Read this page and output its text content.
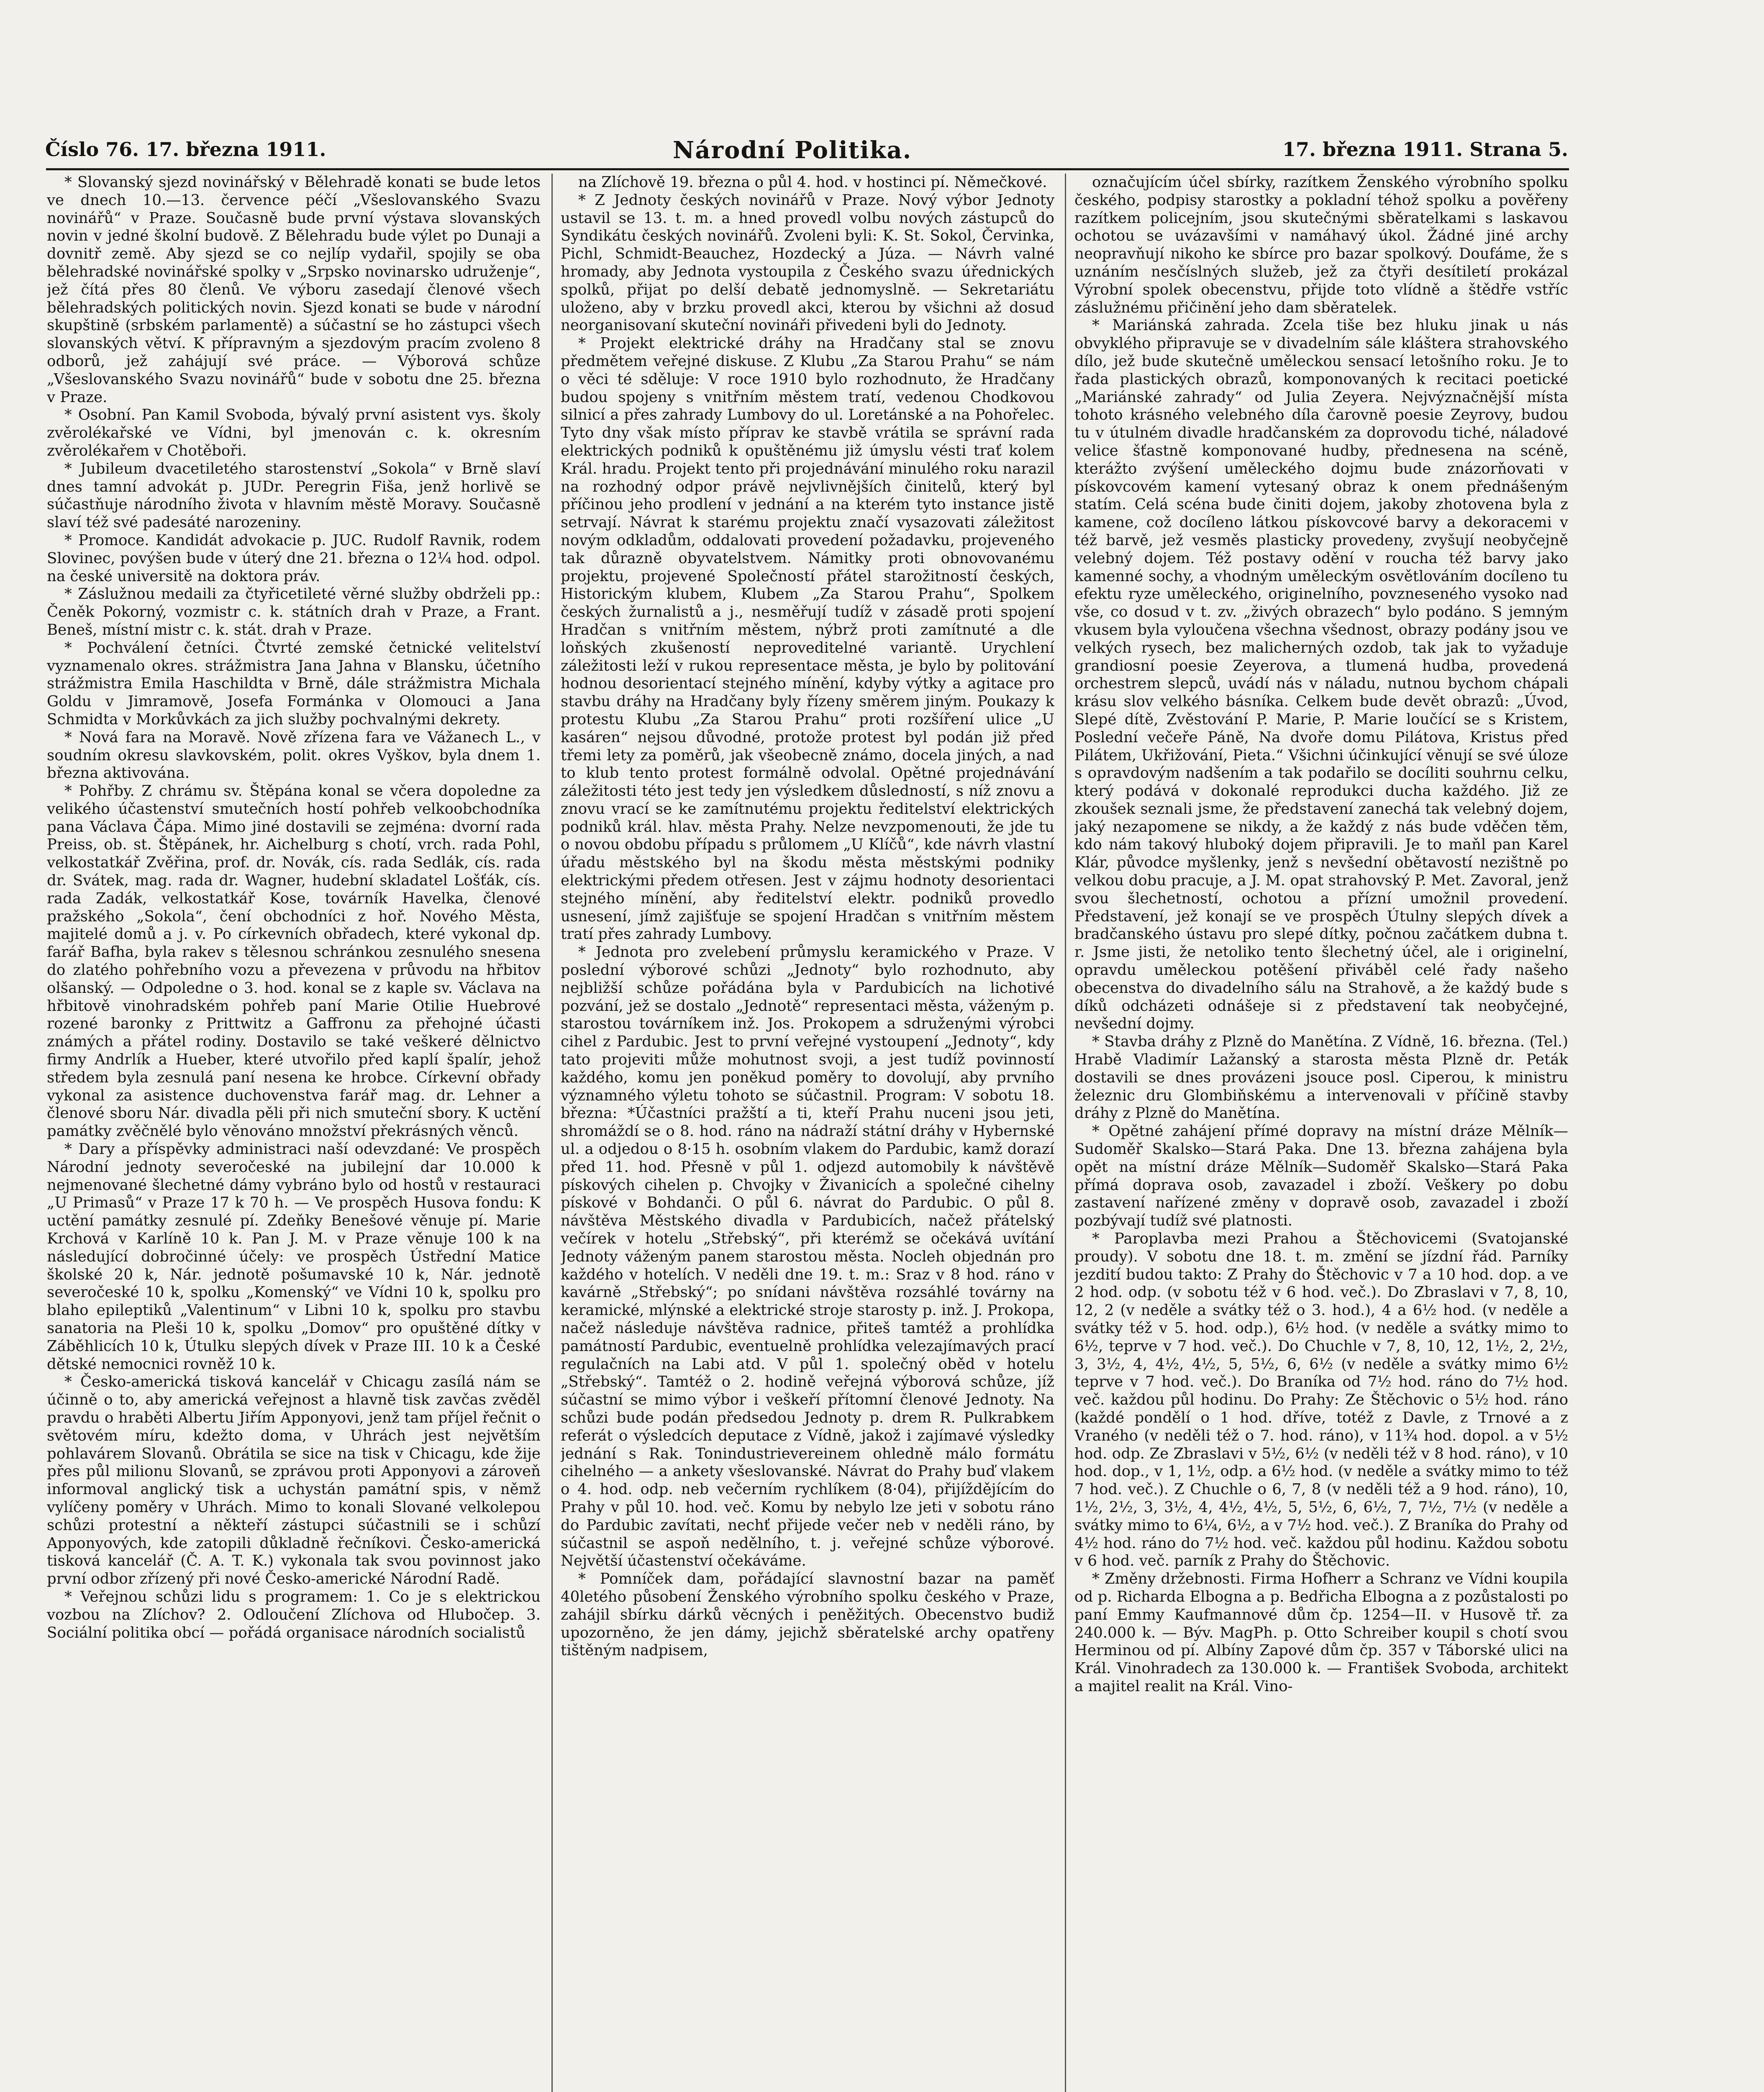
Číslo 76. 17. března 1911.	Národní Politika.	17. března 1911. Strana 5.

* Slovanský sjezd novinářský v Bělehradě konati se bude letos ve dnech 10.—13. července péčí „Všeslovanského Svazu novinářů“ v Praze. Současně bude první výstava slovanských novin v jedné školní budově. Z Bělehradu bude výlet po Dunaji a dovnitř země. Aby sjezd se co nejlíp vydařil, spojily se oba bělehradské novinářské spolky v „Srpsko novinarsko udruženje“, jež čítá přes 80 členů. Ve výboru zasedají členové všech bělehradských politických novin. Sjezd konati se bude v národní skupštině (srbském parlamentě) a súčastní se ho zástupci všech slovanských větví. K přípravným a sjezdovým pracím zvoleno 8 odborů, jež zahájují své práce. — Výborová schůze „Všeslovanského Svazu novinářů“ bude v sobotu dne 25. března v Praze.

* Osobní. Pan Kamil Svoboda, bývalý první asistent vys. školy zvěrolékařské ve Vídni, byl jmenován c. k. okresním zvěrolékařem v Chotěboři.

* Jubileum dvacetiletého starostenství „Sokola“ v Brně slaví dnes tamní advokát p. JUDr. Peregrin Fiša, jenž horlivě se súčastňuje národního života v hlavním městě Moravy. Současně slaví též své padesáté narozeniny.

* Promoce. Kandidát advokacie p. JUC. Rudolf Ravnik, rodem Slovinec, povýšen bude v úterý dne 21. března o 12¼ hod. odpol. na české universitě na doktora práv.

* Záslužnou medaili za čtyřicetileté věrné služby obdrželi pp.: Čeněk Pokorný, vozmistr c. k. státních drah v Praze, a Frant. Beneš, místní mistr c. k. stát. drah v Praze.

* Pochválení četníci. Čtvrté zemské četnické velitelství vyznamenalo okres. strážmistra Jana Jahna v Blansku, účetního strážmistra Emila Haschildta v Brně, dále strážmistra Michala Goldu v Jimramově, Josefa Formánka v Olomouci a Jana Schmidta v Morkůvkách za jich služby pochvalnými dekrety.

* Nová fara na Moravě. Nově zřízena fara ve Vážanech L., v soudním okresu slavkovském, polit. okres Vyškov, byla dnem 1. března aktivována.

* Pohřby. Z chrámu sv. Štěpána konal se včera dopoledne za velikého účastenství smutečních hostí pohřeb velkoobchodníka pana Václava Čápa. Mimo jiné dostavili se zejména: dvorní rada Preiss, ob. st. Štěpánek, hr. Aichelburg s chotí, vrch. rada Pohl, velkostatkář Zvěřina, prof. dr. Novák, cís. rada Sedlák, cís. rada dr. Svátek, mag. rada dr. Wagner, hudební skladatel Lošťák, cís. rada Zadák, velkostatkář Kose, továrník Havelka, členové pražského „Sokola“, čení obchodníci z hoř. Nového Města, majitelé domů a j. v. Po církevních obřadech, které vykonal dp. farář Bafha, byla rakev s tělesnou schránkou zesnulého snesena do zlatého pohřebního vozu a převezena v průvodu na hřbitov olšanský. — Odpoledne o 3. hod. konal se z kaple sv. Václava na hřbitově vinohradském pohřeb paní Marie Otilie Huebrové rozené baronky z Prittwitz a Gaffronu za přehojné účasti známých a přátel rodiny. Dostavilo se také veškeré dělnictvo firmy Andrlík a Hueber, které utvořilo před kaplí špalír, jehož středem byla zesnulá paní nesena ke hrobce. Církevní obřady vykonal za asistence duchovenstva farář mag. dr. Lehner a členové sboru Nár. divadla pěli při nich smuteční sbory. K uctění památky zvěčnělé bylo věnováno množství překrásných věnců.

* Dary a příspěvky administraci naší odevzdané: Ve prospěch Národní jednoty severočeské na jubilejní dar 10.000 k nejmenované šlechetné dámy vybráno bylo od hostů v restauraci „U Primasů“ v Praze 17 k 70 h. — Ve prospěch Husova fondu: K uctění památky zesnulé pí. Zdeňky Benešové věnuje pí. Marie Krchová v Karlíně 10 k. Pan J. M. v Praze věnuje 100 k na následující dobročinné účely: ve prospěch Ústřední Matice školské 20 k, Nár. jednotě pošumavské 10 k, Nár. jednotě severočeské 10 k, spolku „Komenský“ ve Vídni 10 k, spolku pro blaho epileptiků „Valentinum“ v Libni 10 k, spolku pro stavbu sanatoria na Pleši 10 k, spolku „Domov“ pro opuštěné dítky v Záběhlicích 10 k, Útulku slepých dívek v Praze III. 10 k a České dětské nemocnici rovněž 10 k.

* Česko-americká tisková kancelář v Chicagu zasílá nám se účinně o to, aby americká veřejnost a hlavně tisk zavčas zvěděl pravdu o hraběti Albertu Jiřím Apponyovi, jenž tam příjel řečnit o světovém míru, kdežto doma, v Uhrách jest největším pohlavárem Slovanů. Obrátila se sice na tisk v Chicagu, kde žije přes půl milionu Slovanů, se zprávou proti Apponyovi a zároveň informoval anglický tisk a uchystán památní spis, v němž vylíčeny poměry v Uhrách. Mimo to konali Slované velkolepou schůzi protestní a někteří zástupci súčastnili se i schůzí Apponyových, kde zatopili důkladně řečníkovi. Česko-americká tisková kancelář (Č. A. T. K.) vykonala tak svou povinnost jako první odbor zřízený při nové Česko-americké Národní Radě.

* Veřejnou schůzi lidu s programem: 1. Co je s elektrickou vozbou na Zlíchov? 2. Odloučení Zlíchova od Hlubočep. 3. Sociální politika obcí — pořádá organisace národních socialistů

na Zlíchově 19. března o půl 4. hod. v hostinci pí. Němečkové.

* Z Jednoty českých novinářů v Praze. Nový výbor Jednoty ustavil se 13. t. m. a hned provedl volbu nových zástupců do Syndikátu českých novinářů. Zvoleni byli: K. St. Sokol, Červinka, Pichl, Schmidt-Beauchez, Hozdecký a Júza. — Návrh valné hromady, aby Jednota vystoupila z Českého svazu úřednických spolků, přijat po delší debatě jednomyslně. — Sekretariátu uloženo, aby v brzku provedl akci, kterou by všichni až dosud neorganisovaní skuteční novináři přivedeni byli do Jednoty.

* Projekt elektrické dráhy na Hradčany stal se znovu předmětem veřejné diskuse. Z Klubu „Za Starou Prahu“ se nám o věci té sděluje: V roce 1910 bylo rozhodnuto, že Hradčany budou spojeny s vnitřním městem tratí, vedenou Chodkovou silnicí a přes zahrady Lumbovy do ul. Loretánské a na Pohořelec. Tyto dny však místo příprav ke stavbě vrátila se správní rada elektrických podniků k opuštěnému již úmyslu vésti trať kolem Král. hradu. Projekt tento při projednávání minulého roku narazil na rozhodný odpor právě nejvlivnějších činitelů, který byl příčinou jeho prodlení v jednání a na kterém tyto instance jistě setrvají. Návrat k starému projektu značí vysazovati záležitost novým odkladům, oddalovati provedení požadavku, projeveného tak důrazně obyvatelstvem. Námitky proti obnovovanému projektu, projevené Společností přátel starožitností českých, Historickým klubem, Klubem „Za Starou Prahu“, Spolkem českých žurnalistů a j., nesměřují tudíž v zásadě proti spojení Hradčan s vnitřním městem, nýbrž proti zamítnuté a dle loňských zkušeností neproveditelné variantě. Urychlení záležitosti leží v rukou representace města, je bylo by politování hodnou desorientací stejného mínění, kdyby výtky a agitace pro stavbu dráhy na Hradčany byly řízeny směrem jiným. Poukazy k protestu Klubu „Za Starou Prahu“ proti rozšíření ulice „U kasáren“ nejsou důvodné, protože protest byl podán již před třemi lety za poměrů, jak všeobecně známo, docela jiných, a nad to klub tento protest formálně odvolal. Opětné projednávání záležitosti této jest tedy jen výsledkem důsledností, s níž znovu a znovu vrací se ke zamítnutému projektu ředitelství elektrických podniků král. hlav. města Prahy. Nelze nevzpomenouti, že jde tu o novou obdobu případu s průlomem „U Klíčů“, kde návrh vlastní úřadu městského byl na škodu města městskými podniky elektrickými předem otřesen. Jest v zájmu hodnoty desorientaci stejného mínění, aby ředitelství elektr. podniků provedlo usnesení, jímž zajišťuje se spojení Hradčan s vnitřním městem tratí přes zahrady Lumbovy.

* Jednota pro zvelebení průmyslu keramického v Praze. V poslední výborové schůzi „Jednoty“ bylo rozhodnuto, aby nejbližší schůze pořádána byla v Pardubicích na lichotivé pozvání, jež se dostalo „Jednotě“ representaci města, váženým p. starostou továrníkem inž. Jos. Prokopem a sdruženými výrobci cihel z Pardubic. Jest to první veřejné vystoupení „Jednoty“, kdy tato projeviti může mohutnost svoji, a jest tudíž povinností každého, komu jen poněkud poměry to dovolují, aby prvního významného výletu tohoto se súčastnil. Program: V sobotu 18. března: *Účastníci pražští a ti, kteří Prahu nuceni jsou jeti, shromáždí se o 8. hod. ráno na nádraží státní dráhy v Hybernské ul. a odjedou o 8·15 h. osobním vlakem do Pardubic, kamž dorazí před 11. hod. Přesně v půl 1. odjezd automobily k návštěvě pískových cihelen p. Chvojky v Živanicích a společné cihelny pískové v Bohdanči. O půl 6. návrat do Pardubic. O půl 8. návštěva Městského divadla v Pardubicích, načež přátelský večírek v hotelu „Střebský“, při kterémž se očekává uvítání Jednoty váženým panem starostou města. Nocleh objednán pro každého v hotelích. V neděli dne 19. t. m.: Sraz v 8 hod. ráno v kavárně „Střebský“; po snídani návštěva rozsáhlé továrny na keramické, mlýnské a elektrické stroje starosty p. inž. J. Prokopa, načež následuje návštěva radnice, přiteš tamtéž a prohlídka památností Pardubic, eventuelně prohlídka velezajímavých prací regulačních na Labi atd. V půl 1. společný oběd v hotelu „Střebský“. Tamtéž o 2. hodině veřejná výborová schůze, jíž súčastní se mimo výbor i veškeří přítomní členové Jednoty. Na schůzi bude podán předsedou Jednoty p. drem R. Pulkrabkem referát o výsledcích deputace z Vídně, jakož i zajímavé výsledky jednání s Rak. Tonindustrievereinem ohledně málo formátu cihelného — a ankety všeslovanské. Návrat do Prahy buď vlakem o 4. hod. odp. neb večerním rychlíkem (8·04), přijíždějícím do Prahy v půl 10. hod. več. Komu by nebylo lze jeti v sobotu ráno do Pardubic zavítati, nechť přijede večer neb v neděli ráno, by súčastnil se aspoň nedělního, t. j. veřejné schůze výborové. Největší účastenství očekáváme.

* Pomníček dam, pořádající slavnostní bazar na paměť 40letého působení Ženského výrobního spolku českého v Praze, zahájil sbírku dárků věcných i peněžitých. Obecenstvo budiž upozorněno, že jen dámy, jejichž sběratelské archy opatřeny tištěným nadpisem,

označujícím účel sbírky, razítkem Ženského výrobního spolku českého, podpisy starostky a pokladní téhož spolku a pověřeny razítkem policejním, jsou skutečnými sběratelkami s laskavou ochotou se uvázavšími v namáhavý úkol. Žádné jiné archy neopravňují nikoho ke sbírce pro bazar spolkový. Doufáme, že s uznáním nesčíslných služeb, jež za čtyři desítiletí prokázal Výrobní spolek obecenstvu, přijde toto vlídně a štědře vstříc záslužnému přičinění jeho dam sběratelek.

* Mariánská zahrada. Zcela tiše bez hluku jinak u nás obvyklého připravuje se v divadelním sále kláštera strahovského dílo, jež bude skutečně uměleckou sensací letošního roku. Je to řada plastických obrazů, komponovaných k recitaci poetické „Mariánské zahrady“ od Julia Zeyera. Nejvýznačnější místa tohoto krásného velebného díla čarovně poesie Zeyrovy, budou tu v útulném divadle hradčanském za doprovodu tiché, náladové velice šťastně komponované hudby, přednesena na scéně, kterážto zvýšení uměleckého dojmu bude znázorňovati v pískovcovém kamení vytesaný obraz k onem přednášeným statím. Celá scéna bude činiti dojem, jakoby zhotovena byla z kamene, což docíleno látkou pískovcové barvy a dekoracemi v též barvě, jež vesměs plasticky provedeny, zvyšují neobyčejně velebný dojem. Též postavy odění v roucha též barvy jako kamenné sochy, a vhodným uměleckým osvětlováním docíleno tu efektu ryze uměleckého, originelního, povzneseného vysoko nad vše, co dosud v t. zv. „živých obrazech“ bylo podáno. S jemným vkusem byla vyloučena všechna všednost, obrazy podány jsou ve velkých rysech, bez malicherných ozdob, tak jak to vyžaduje grandiosní poesie Zeyerova, a tlumená hudba, provedená orchestrem slepců, uvádí nás v náladu, nutnou bychom chápali krásu slov velkého básníka. Celkem bude devět obrazů: „Úvod, Slepé dítě, Zvěstování P. Marie, P. Marie loučící se s Kristem, Poslední večeře Páně, Na dvoře domu Pilátova, Kristus před Pilátem, Ukřižování, Pieta.“ Všichni účinkující věnují se své úloze s opravdovým nadšením a tak podařilo se docíliti souhrnu celku, který podává v dokonalé reprodukci ducha každého. Již ze zkoušek seznali jsme, že představení zanechá tak velebný dojem, jaký nezapomene se nikdy, a že každý z nás bude vděčen těm, kdo nám takový hluboký dojem připravili. Je to maňl pan Karel Klár, původce myšlenky, jenž s nevšední obětavostí nezištně po velkou dobu pracuje, a J. M. opat strahovský P. Met. Zavoral, jenž svou šlechetností, ochotou a přízní umožnil provedení. Představení, jež konají se ve prospěch Útulny slepých dívek a bradčanského ústavu pro slepé dítky, počnou začátkem dubna t. r. Jsme jisti, že netoliko tento šlechetný účel, ale i originelní, opravdu uměleckou potěšení přiváběl celé řady našeho obecenstva do divadelního sálu na Strahově, a že každý bude s díků odcházeti odnášeje si z představení tak neobyčejné, nevšední dojmy.

* Stavba dráhy z Plzně do Manětína. Z Vídně, 16. března. (Tel.) Hrabě Vladimír Lažanský a starosta města Plzně dr. Peták dostavili se dnes provázeni jsouce posl. Ciperou, k ministru železnic dru Glombiňskému a intervenovali v příčině stavby dráhy z Plzně do Manětína.

* Opětné zahájení přímé dopravy na místní dráze Mělník—Sudoměř Skalsko—Stará Paka. Dne 13. března zahájena byla opět na místní dráze Mělník—Sudoměř Skalsko—Stará Paka přímá doprava osob, zavazadel i zboží. Veškery po dobu zastavení nařízené změny v dopravě osob, zavazadel i zboží pozbývají tudíž své platnosti.

* Paroplavba mezi Prahou a Štěchovicemi (Svatojanské proudy). V sobotu dne 18. t. m. změní se jízdní řád. Parníky jezdití budou takto: Z Prahy do Štěchovic v 7 a 10 hod. dop. a ve 2 hod. odp. (v sobotu též v 6 hod. več.). Do Zbraslavi v 7, 8, 10, 12, 2 (v neděle a svátky též o 3. hod.), 4 a 6½ hod. (v neděle a svátky též v 5. hod. odp.), 6½ hod. (v neděle a svátky mimo to 6½, teprve v 7 hod. več.). Do Chuchle v 7, 8, 10, 12, 1½, 2, 2½, 3, 3½, 4, 4½, 4½, 5, 5½, 6, 6½ (v neděle a svátky mimo 6½ teprve v 7 hod. več.). Do Braníka od 7½ hod. ráno do 7½ hod. več. každou půl hodinu. Do Prahy: Ze Štěchovic o 5½ hod. ráno (každé pondělí o 1 hod. dříve, totéž z Davle, z Trnové a z Vraného (v neděli též o 7. hod. ráno), v 11¾ hod. dopol. a v 5½ hod. odp. Ze Zbraslavi v 5½, 6½ (v neděli též v 8 hod. ráno), v 10 hod. dop., v 1, 1½, odp. a 6½ hod. (v neděle a svátky mimo to též 7 hod. več.). Z Chuchle o 6, 7, 8 (v neděli též a 9 hod. ráno), 10, 1½, 2½, 3, 3½, 4, 4½, 4½, 5, 5½, 6, 6½, 7, 7½, 7½ (v neděle a svátky mimo to 6¼, 6½, a v 7½ hod. več.). Z Braníka do Prahy od 4½ hod. ráno do 7½ hod. več. každou půl hodinu. Každou sobotu v 6 hod. več. parník z Prahy do Štěchovic.

* Změny držebnosti. Firma Hofherr a Schranz ve Vídni koupila od p. Richarda Elbogna a p. Bedřicha Elbogna a z pozůstalosti po paní Emmy Kaufmannové dům čp. 1254—II. v Husově tř. za 240.000 k. — Býv. MagPh. p. Otto Schreiber koupil s chotí svou Herminou od pí. Albíny Zapové dům čp. 357 v Táborské ulici na Král. Vinohradech za 130.000 k. — František Svoboda, architekt a majitel realit na Král. Vino-
